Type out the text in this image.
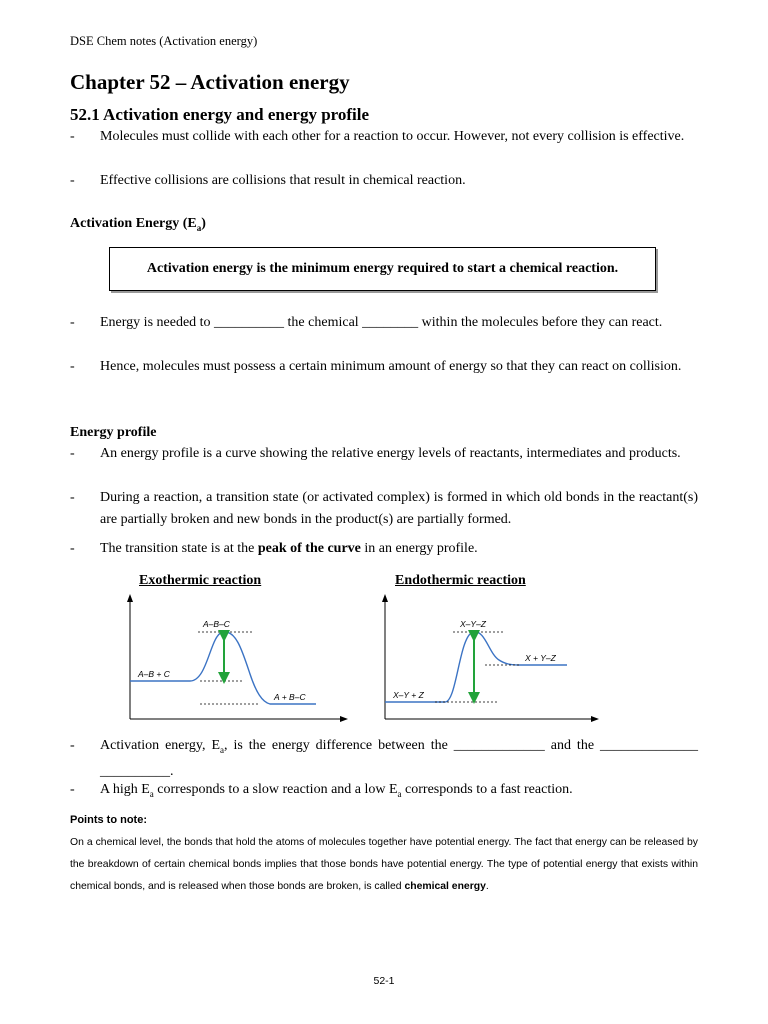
DSE Chem notes (Activation energy)
Chapter 52 – Activation energy
52.1 Activation energy and energy profile
- Molecules must collide with each other for a reaction to occur. However, not every collision is effective.
- Effective collisions are collisions that result in chemical reaction.
Activation Energy $(E_a)$
Activation energy is the minimum energy required to start a chemical reaction.
- Energy is needed to __________ the chemical ________ within the molecules before they can react.
- Hence, molecules must possess a certain minimum amount of energy so that they can react on collision.
Energy profile
- An energy profile is a curve showing the relative energy levels of reactants, intermediates and products.
- During a reaction, a transition state (or activated complex) is formed in which old bonds in the reactant(s) are partially broken and new bonds in the product(s) are partially formed.
- The transition state is at the peak of the curve in an energy profile.
Exothermic reaction	Endothermic reaction
A‒B‒C
A‒B + C
A + B‒C
X‒Y‒Z
X‒Y + Z
X + Y‒Z
- Activation energy, $E_a$, is the energy difference between the _____________ and the ______________ __________.
- A high $E_a$ corresponds to a slow reaction and a low $E_a$ corresponds to a fast reaction.
Points to note:
On a chemical level, the bonds that hold the atoms of molecules together have potential energy. The fact that energy can be released by the breakdown of certain chemical bonds implies that those bonds have potential energy. The type of potential energy that exists within chemical bonds, and is released when those bonds are broken, is called chemical energy.
52-1
